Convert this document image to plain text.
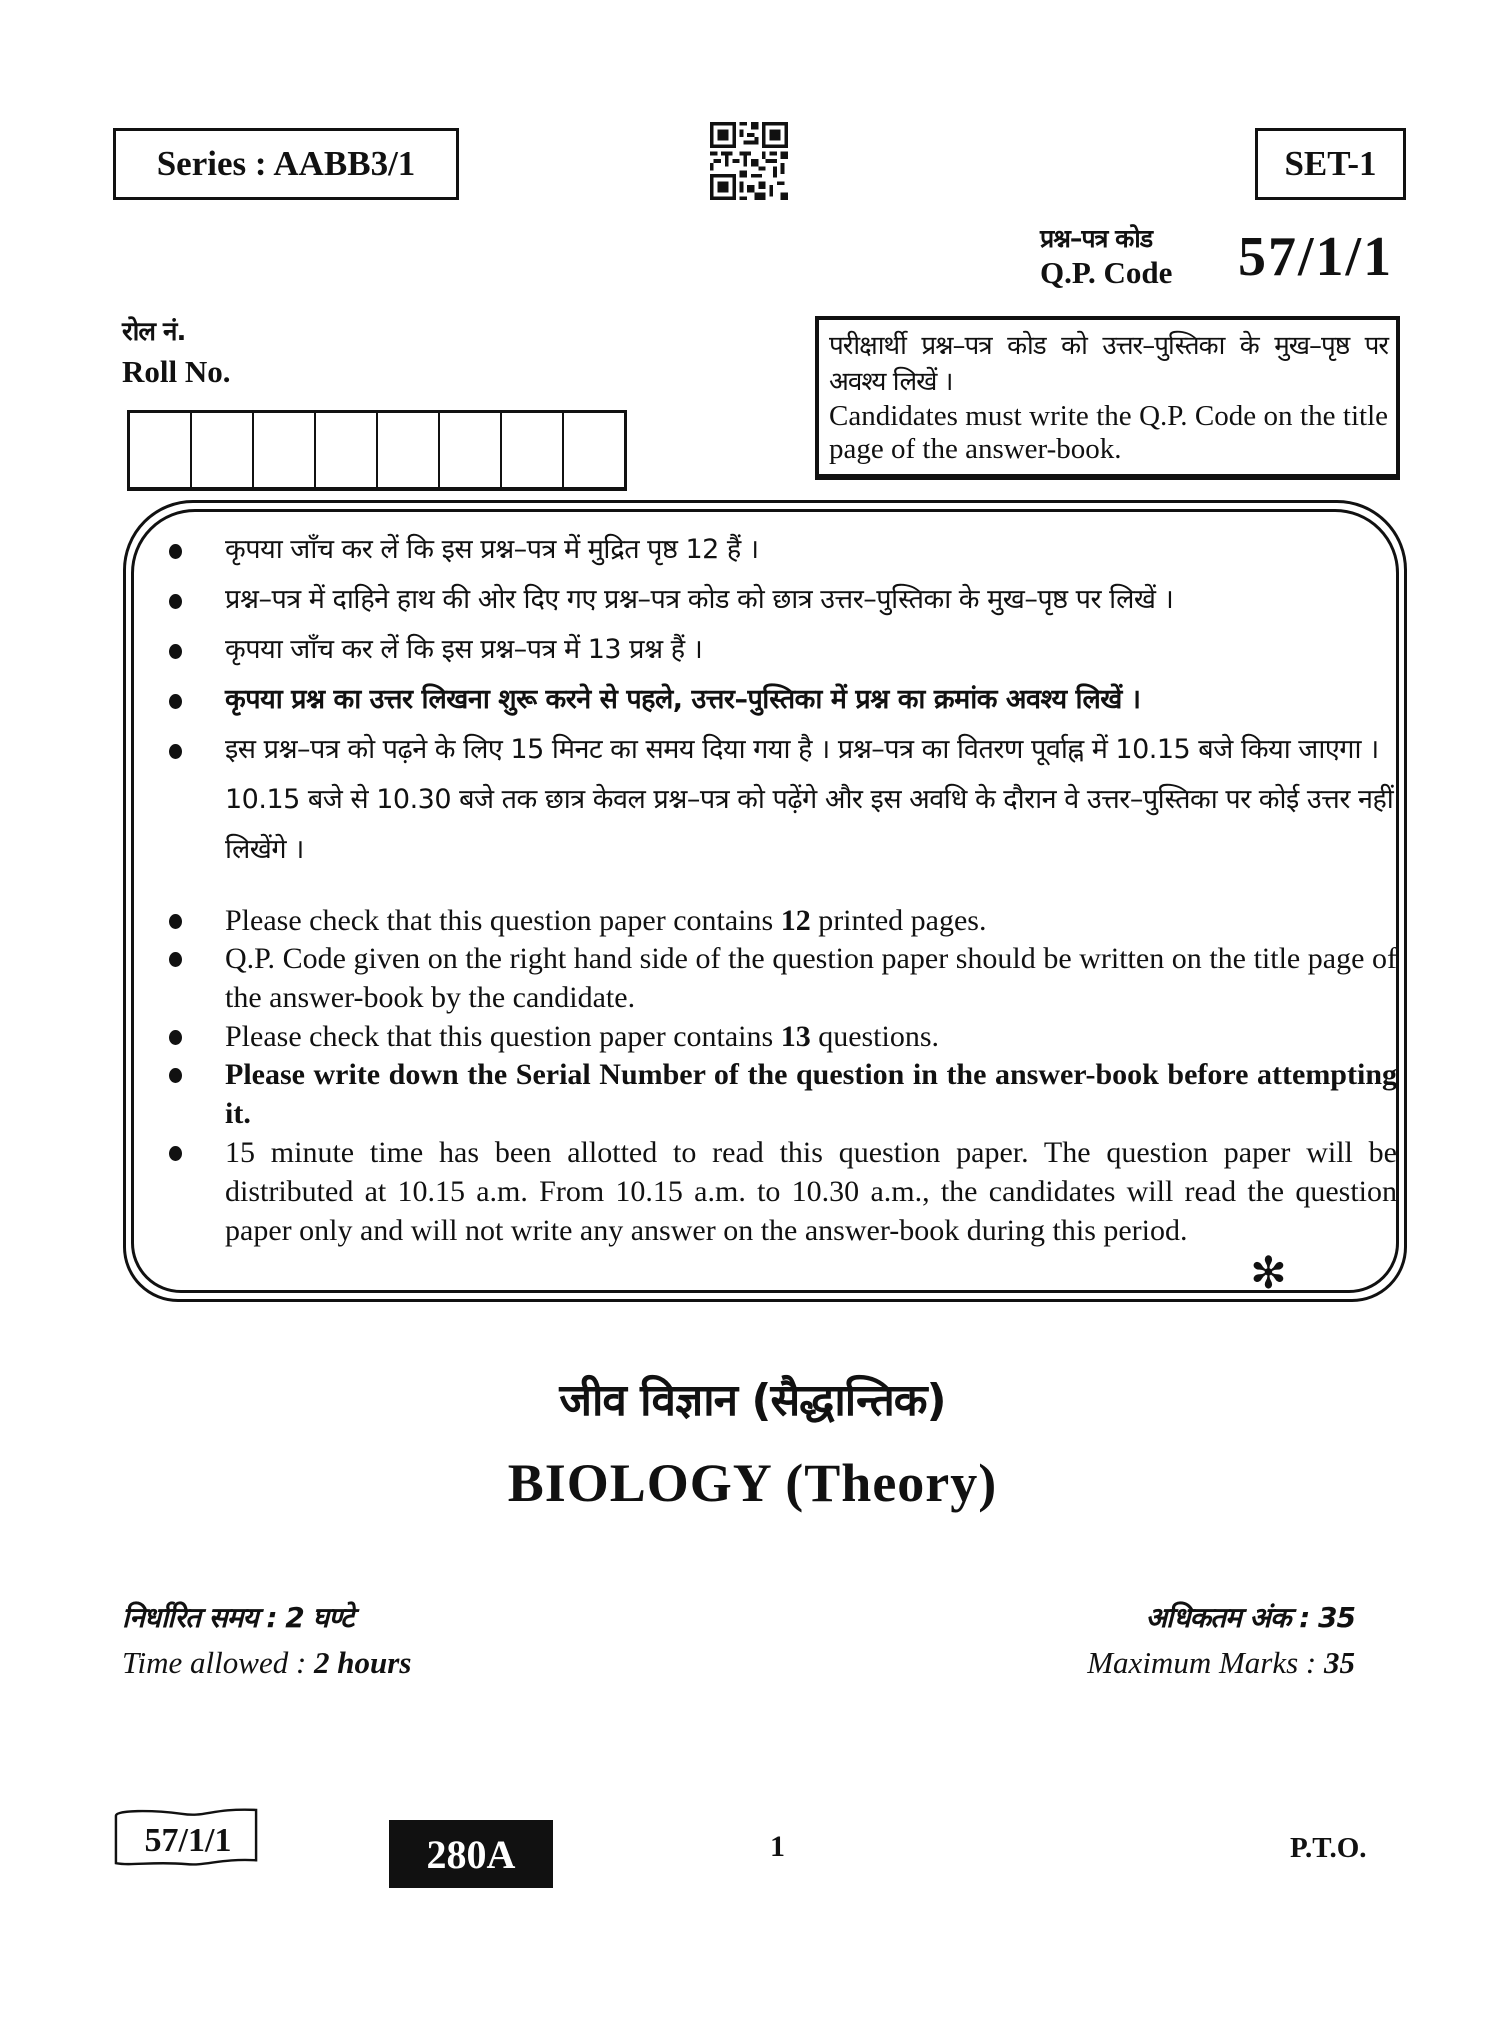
Series : AABB3/1	SET-1
प्रश्न–पत्र कोड
Q.P. Code 57/1/1
रोल नं.
Roll No.
परीक्षार्थी प्रश्न–पत्र कोड को उत्तर–पुस्तिका के मुख–पृष्ठ पर अवश्य लिखें ।
Candidates must write the Q.P. Code on the title page of the answer-book.
कृपया जाँच कर लें कि इस प्रश्न–पत्र में मुद्रित पृष्ठ 12 हैं ।
प्रश्न–पत्र में दाहिने हाथ की ओर दिए गए प्रश्न–पत्र कोड को छात्र उत्तर–पुस्तिका के मुख–पृष्ठ पर लिखें ।
कृपया जाँच कर लें कि इस प्रश्न–पत्र में 13 प्रश्न हैं ।
कृपया प्रश्न का उत्तर लिखना शुरू करने से पहले, उत्तर–पुस्तिका में प्रश्न का क्रमांक अवश्य लिखें ।
इस प्रश्न–पत्र को पढ़ने के लिए 15 मिनट का समय दिया गया है । प्रश्न–पत्र का वितरण पूर्वाह्न में 10.15 बजे किया जाएगा । 10.15 बजे से 10.30 बजे तक छात्र केवल प्रश्न–पत्र को पढ़ेंगे और इस अवधि के दौरान वे उत्तर–पुस्तिका पर कोई उत्तर नहीं लिखेंगे ।
Please check that this question paper contains 12 printed pages.
Q.P. Code given on the right hand side of the question paper should be written on the title page of the answer-book by the candidate.
Please check that this question paper contains 13 questions.
Please write down the Serial Number of the question in the answer-book before attempting it.
15 minute time has been allotted to read this question paper. The question paper will be distributed at 10.15 a.m. From 10.15 a.m. to 10.30 a.m., the candidates will read the question paper only and will not write any answer on the answer-book during this period.
✻
जीव विज्ञान (सैद्धान्तिक)
BIOLOGY (Theory)
निर्धारित समय : 2 घण्टे
Time allowed : 2 hours
अधिकतम अंक : 35
Maximum Marks : 35
57/1/1	280A	1	P.T.O.
